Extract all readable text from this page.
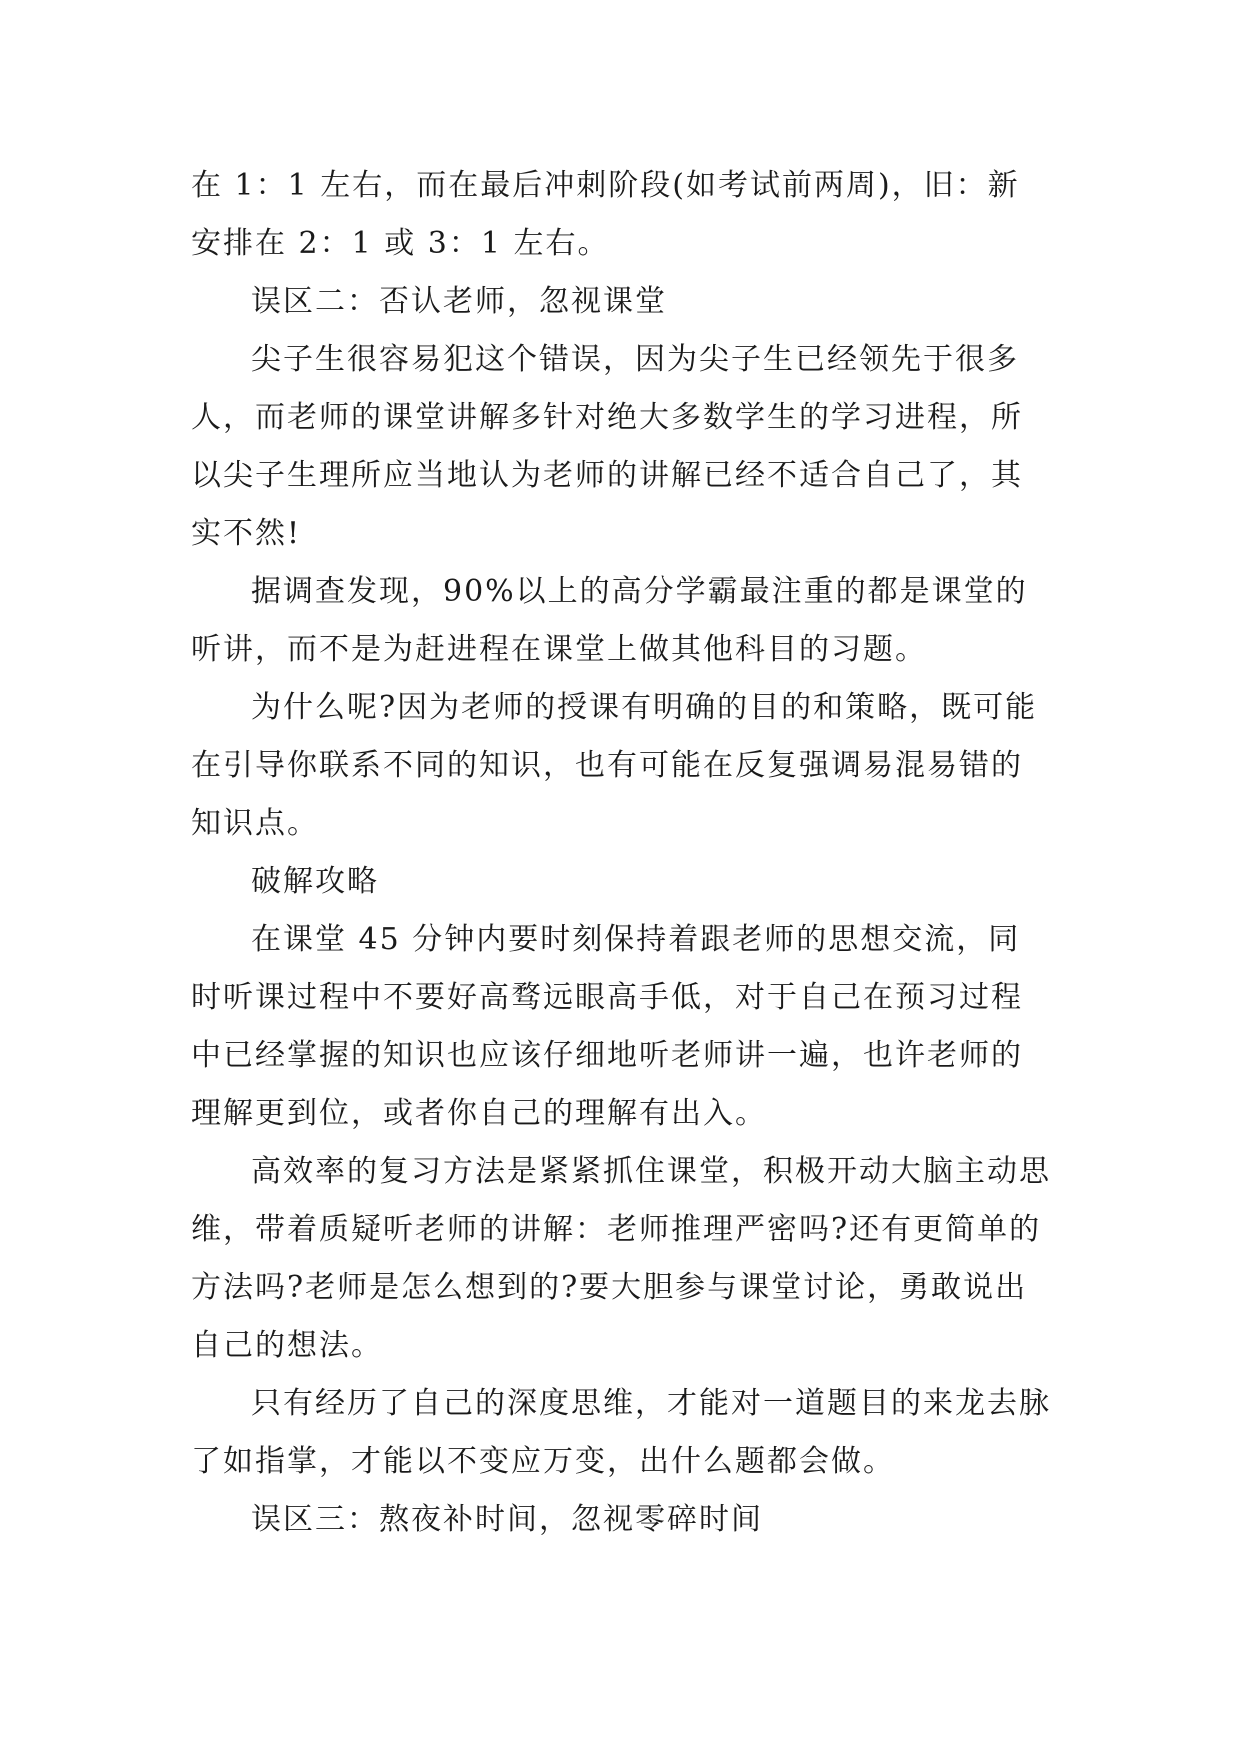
在 1：1 左右，而在最后冲刺阶段(如考试前两周)，旧：新安排在 2：1 或 3：1 左右。

误区二：否认老师，忽视课堂

尖子生很容易犯这个错误，因为尖子生已经领先于很多人，而老师的课堂讲解多针对绝大多数学生的学习进程，所以尖子生理所应当地认为老师的讲解已经不适合自己了，其实不然!

据调查发现，90%以上的高分学霸最注重的都是课堂的听讲，而不是为赶进程在课堂上做其他科目的习题。

为什么呢?因为老师的授课有明确的目的和策略，既可能在引导你联系不同的知识，也有可能在反复强调易混易错的知识点。

破解攻略

在课堂 45 分钟内要时刻保持着跟老师的思想交流，同时听课过程中不要好高骛远眼高手低，对于自己在预习过程中已经掌握的知识也应该仔细地听老师讲一遍，也许老师的理解更到位，或者你自己的理解有出入。

高效率的复习方法是紧紧抓住课堂，积极开动大脑主动思维，带着质疑听老师的讲解：老师推理严密吗?还有更简单的方法吗?老师是怎么想到的?要大胆参与课堂讨论，勇敢说出自己的想法。

只有经历了自己的深度思维，才能对一道题目的来龙去脉了如指掌，才能以不变应万变，出什么题都会做。

误区三：熬夜补时间，忽视零碎时间
